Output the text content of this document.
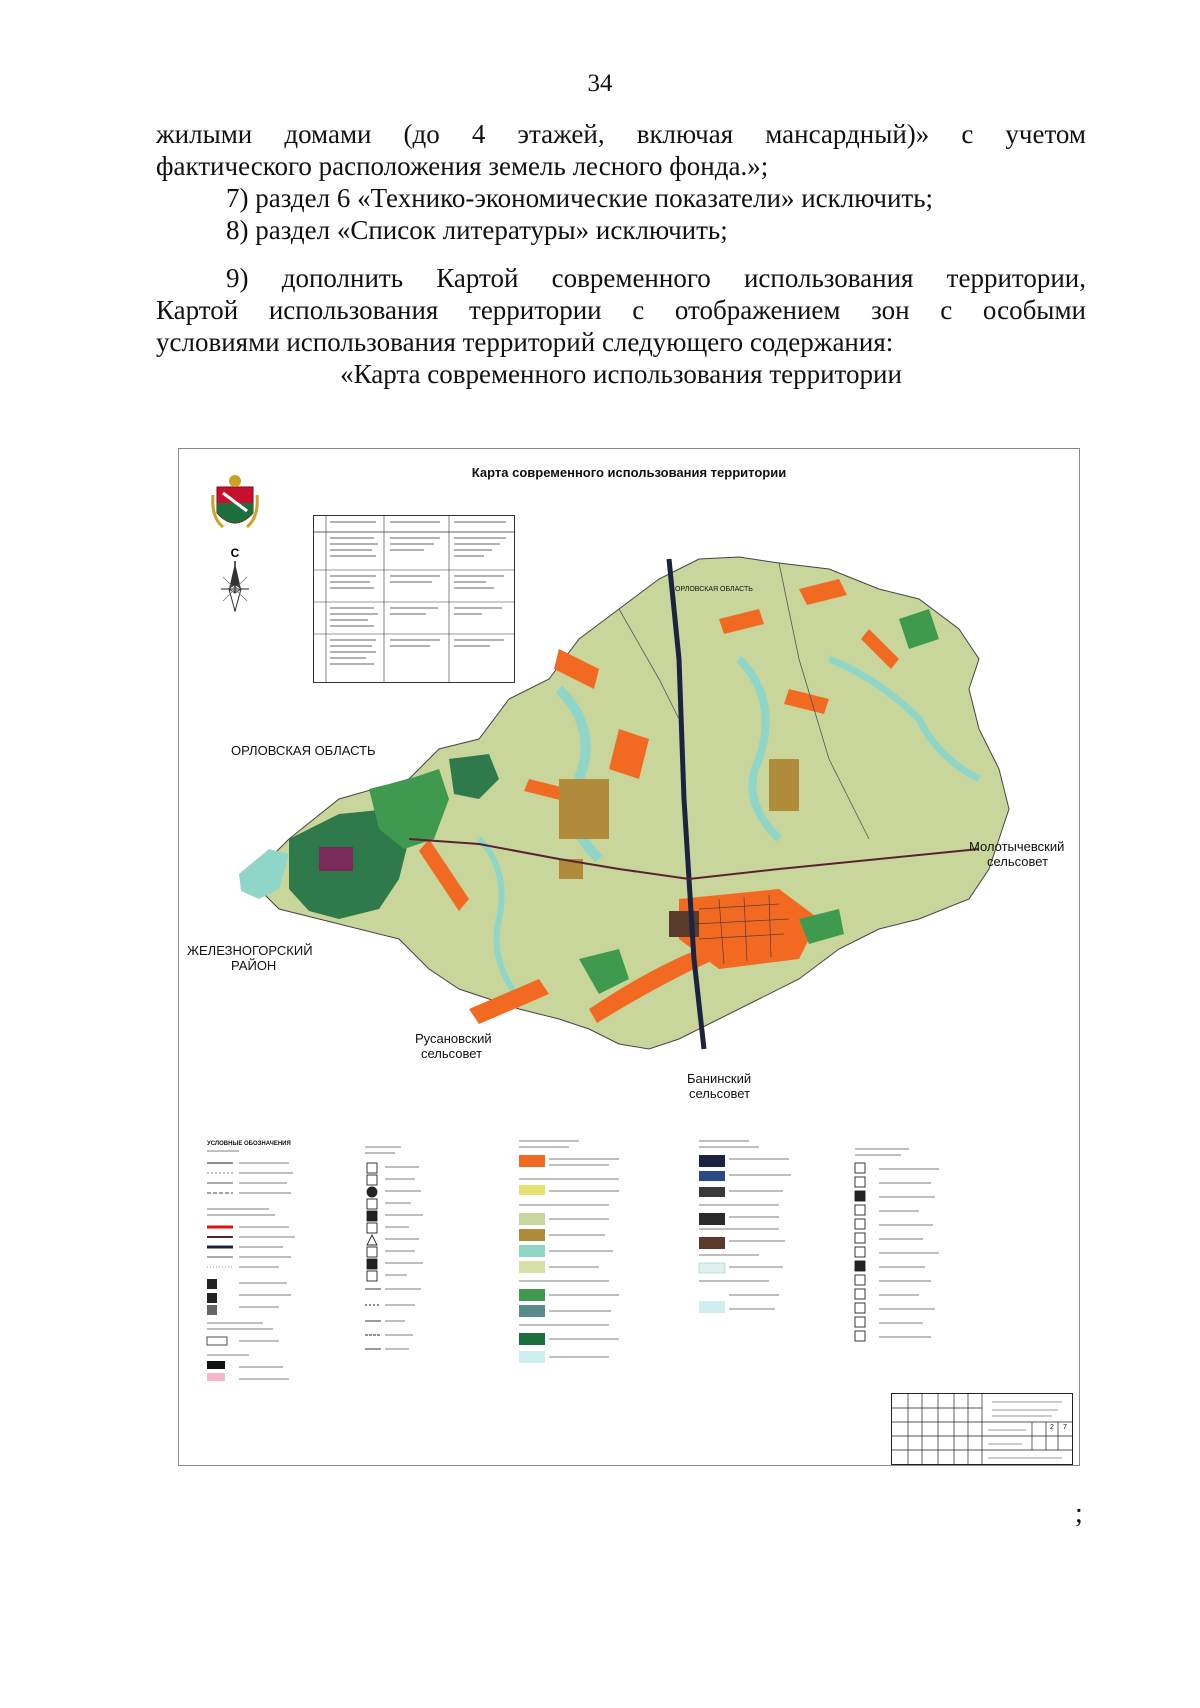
34
жилыми домами (до 4 этажей, включая мансардный)» с учетом
фактического расположения земель лесного фонда.»;
7) раздел 6 «Технико-экономические показатели» исключить;
8) раздел «Список литературы» исключить;
9) дополнить Картой современного использования территории,
Картой использования территории с отображением зон с особыми
условиями использования территорий следующего содержания:
«Карта современного использования территории
Карта современного использования территории
С
ОРЛОВСКАЯ ОБЛАСТЬ
ОРЛОВСКАЯ ОБЛАСТЬ
Молотычевский
сельсовет
ЖЕЛЕЗНОГОРСКИЙ
РАЙОН
Русановский
сельсовет
Банинский
сельсовет
УСЛОВНЫЕ ОБОЗНАЧЕНИЯ
2	7
;
